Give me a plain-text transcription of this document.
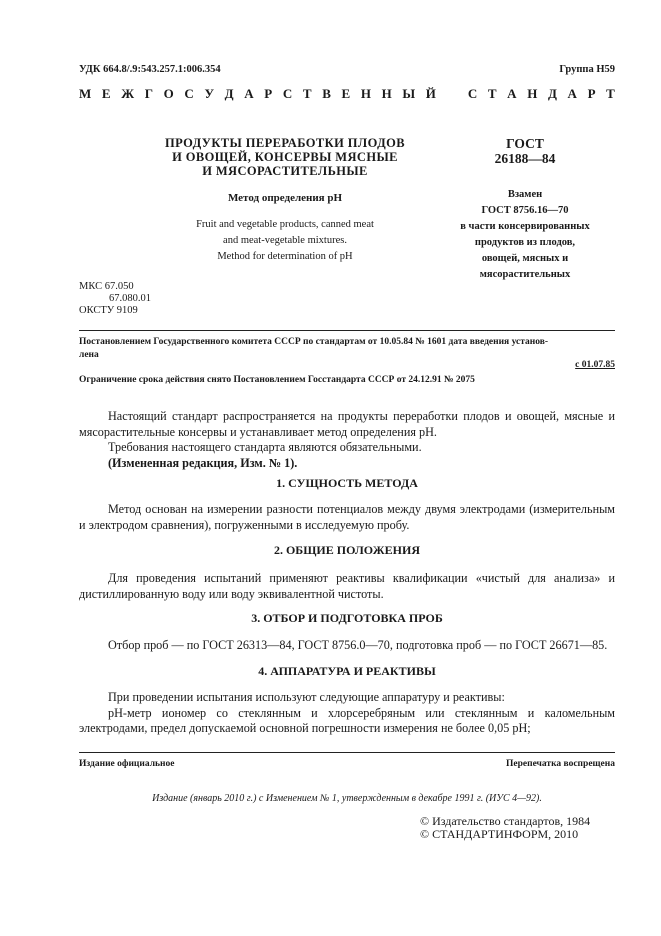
УДК 664.8/.9:543.257.1:006.354	Группа Н59
М Е Ж Г О С У Д А Р С Т В Е Н Н Ы Й С Т А Н Д А Р Т
ПРОДУКТЫ ПЕРЕРАБОТКИ ПЛОДОВ
И ОВОЩЕЙ, КОНСЕРВЫ МЯСНЫЕ
И МЯСОРАСТИТЕЛЬНЫЕ
Метод определения pH
Fruit and vegetable products, canned meat
and meat-vegetable mixtures.
Method for determination of pH
ГОСТ
26188—84
Взамен
ГОСТ 8756.16—70
в части консервированных
продуктов из плодов,
овощей, мясных и
мясорастительных
МКС 67.050
67.080.01
ОКСТУ 9109
Постановлением Государственного комитета СССР по стандартам от 10.05.84 № 1601 дата введения установ-
лена
с 01.07.85
Ограничение срока действия снято Постановлением Госстандарта СССР от 24.12.91 № 2075

Настоящий стандарт распространяется на продукты переработки плодов и овощей, мясные и мясорастительные консервы и устанавливает метод определения pH.

Требования настоящего стандарта являются обязательными.

(Измененная редакция, Изм. № 1).

1. СУЩНОСТЬ МЕТОДА

Метод основан на измерении разности потенциалов между двумя электродами (измерительным и электродом сравнения), погруженными в исследуемую пробу.

2. ОБЩИЕ ПОЛОЖЕНИЯ

Для проведения испытаний применяют реактивы квалификации «чистый для анализа» и дистиллированную воду или воду эквивалентной чистоты.

3. ОТБОР И ПОДГОТОВКА ПРОБ

Отбор проб — по ГОСТ 26313—84, ГОСТ 8756.0—70, подготовка проб — по ГОСТ 26671—85.

4. АППАРАТУРА И РЕАКТИВЫ

При проведении испытания используют следующие аппаратуру и реактивы:

pH-метр иономер со стеклянным и хлорсеребряным или стеклянным и каломельным электродами, предел допускаемой основной погрешности измерения не более 0,05 pH;

Издание официальное	Перепечатка воспрещена
Издание (январь 2010 г.) с Изменением № 1, утвержденным в декабре 1991 г. (ИУС 4—92).
© Издательство стандартов, 1984
© СТАНДАРТИНФОРМ, 2010
